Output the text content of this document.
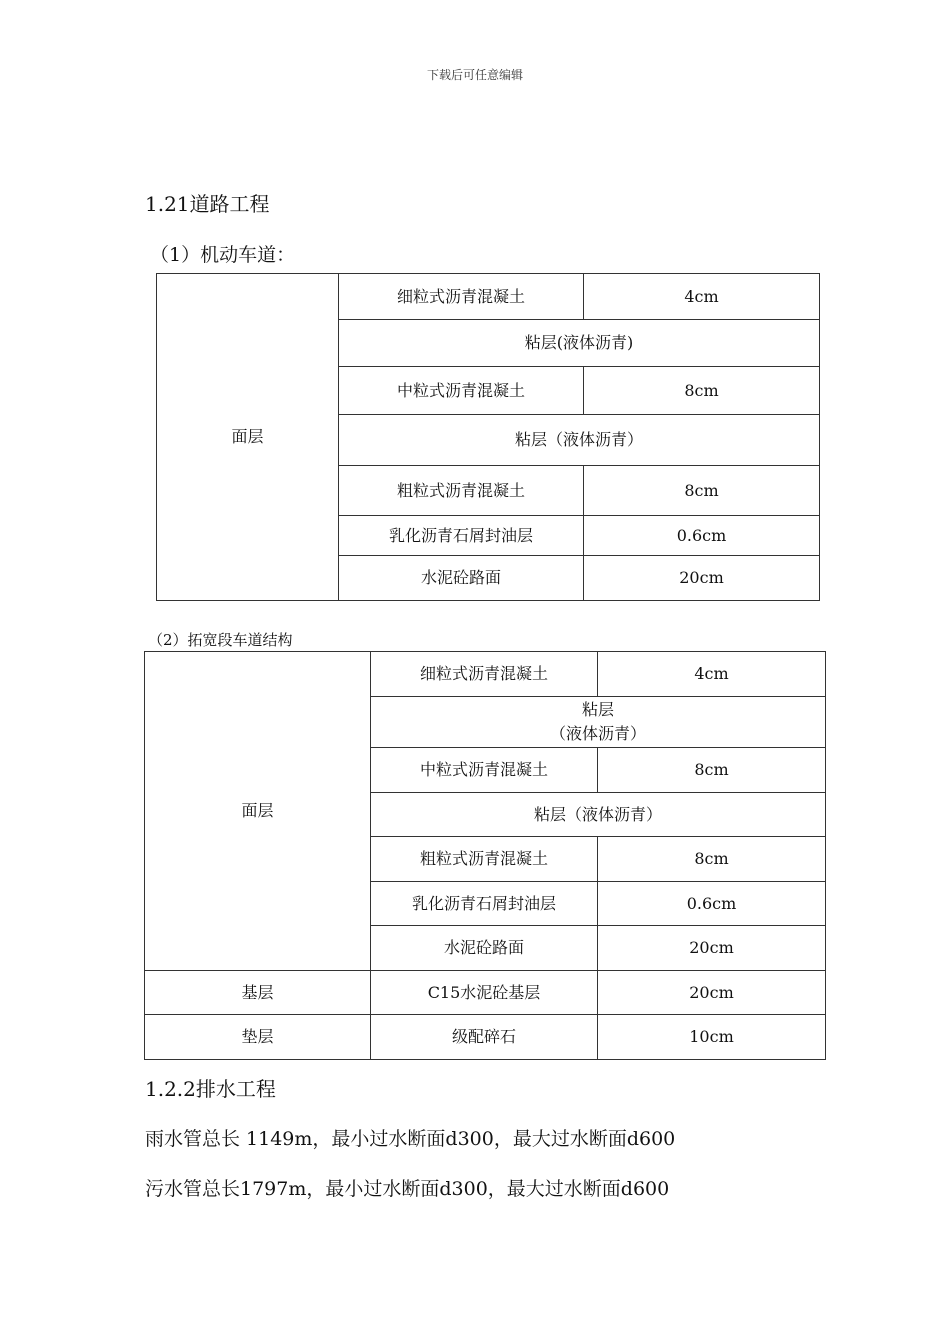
下载后可任意编辑
1.21道路工程
（1）机动车道：
面层	细粒式沥青混凝土	4cm
	粘层(液体沥青)	
	中粒式沥青混凝土	8cm
	粘层（液体沥青）	
	粗粒式沥青混凝土	8cm
	乳化沥青石屑封油层	0.6cm
	水泥砼路面	20cm
（2）拓宽段车道结构
面层	细粒式沥青混凝土	4cm

	粘层
（液体沥青）	

	中粒式沥青混凝土	8cm
	粘层（液体沥青）	
	粗粒式沥青混凝土	8cm
	乳化沥青石屑封油层	0.6cm
	水泥砼路面	20cm
基层	C15水泥砼基层	20cm
垫层	级配碎石	10cm
1.2.2排水工程
雨水管总长 1149m，最小过水断面d300，最大过水断面d600
污水管总长1797m，最小过水断面d300，最大过水断面d600
